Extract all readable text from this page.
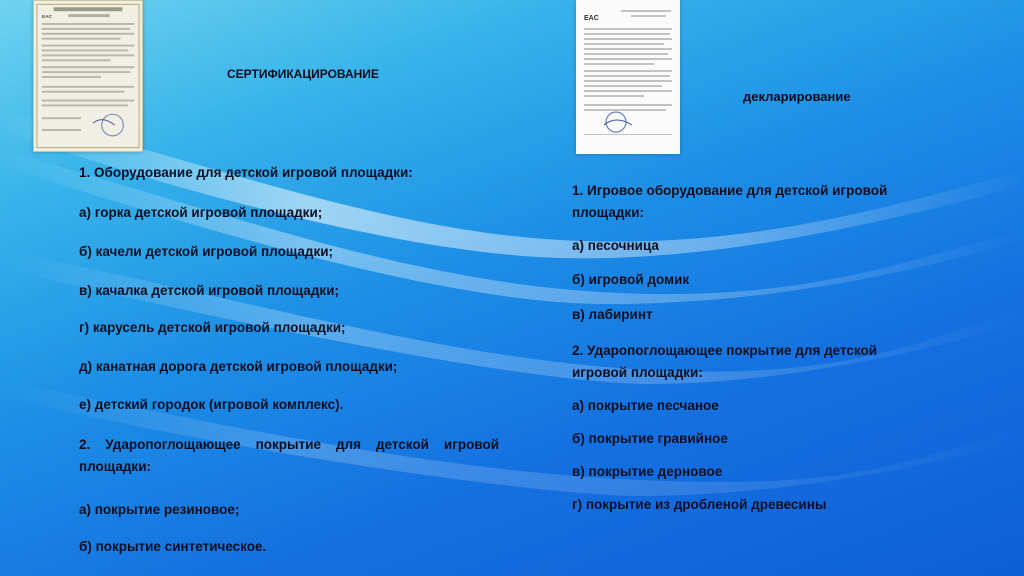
EAC	EAC
СЕРТИФИКАЦИРОВАНИЕ
декларирование
1. Оборудование для детской игровой площадки:
а) горка детской игровой площадки;
б) качели детской игровой площадки;
в) качалка детской игровой площадки;
г) карусель детской игровой площадки;
д) канатная дорога детской игровой площадки;
е) детский городок (игровой комплекс).
2. Ударопоглощающее покрытие для детской игровой площадки:
а) покрытие резиновое;
б) покрытие синтетическое.
1. Игровое оборудование для детской игровой площадки:
а) песочница
б) игровой домик
в) лабиринт
2. Ударопоглощающее покрытие для детской игровой площадки:
а) покрытие песчаное
б) покрытие гравийное
в) покрытие дерновое
г) покрытие из дробленой древесины
